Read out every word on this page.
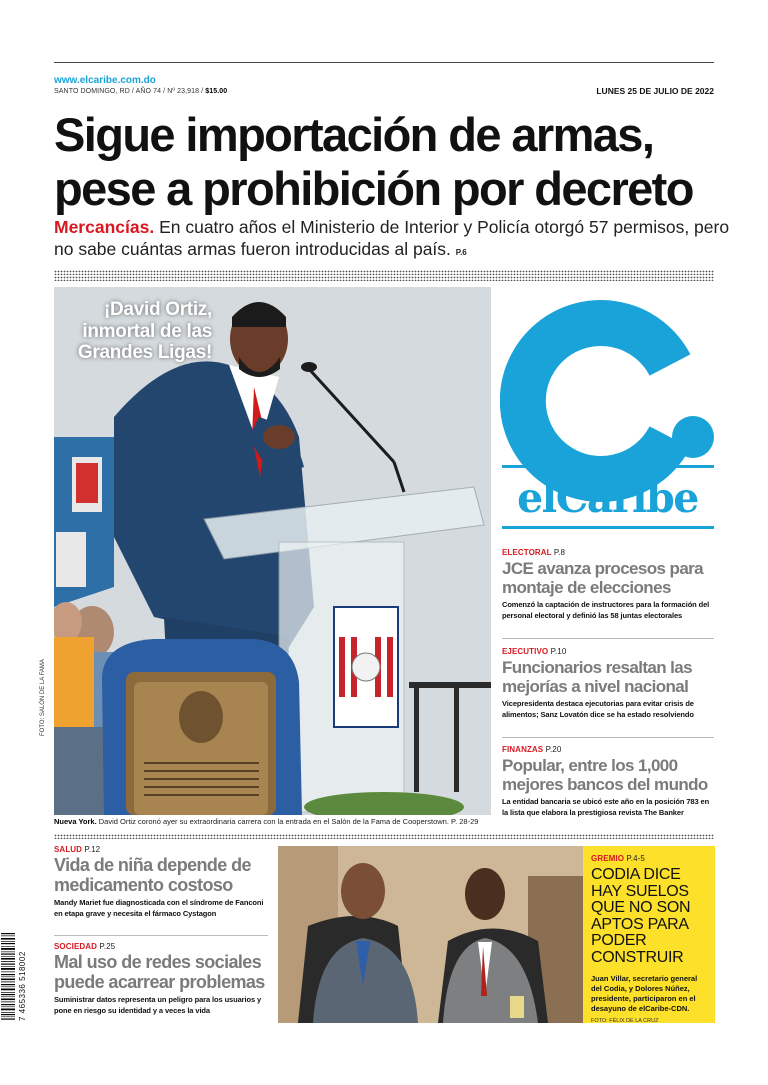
www.elcaribe.com.do
SANTO DOMINGO, RD / AÑO 74 / Nº 23,918 / $15.00	LUNES 25 DE JULIO DE 2022
Sigue importación de armas,
pese a prohibición por decreto
Mercancías. En cuatro años el Ministerio de Interior y Policía otorgó 57 permisos, pero no sabe cuántas armas fueron introducidas al país. P.6
¡David Ortiz, inmortal de las Grandes Ligas!
FOTO: SALÓN DE LA FAMA
Nueva York. David Ortiz coronó ayer su extraordinaria carrera con la entrada en el Salón de la Fama de Cooperstown. P. 28-29
elCaribe
ELECTORAL P.8
JCE avanza procesos para montaje de elecciones
Comenzó la captación de instructores para la formación del personal electoral y definió las 58 juntas electorales
EJECUTIVO P.10
Funcionarios resaltan las mejorías a nivel nacional
Vicepresidenta destaca ejecutorias para evitar crisis de alimentos; Sanz Lovatón dice se ha estado resolviendo
FINANZAS P.20
Popular, entre los 1,000 mejores bancos del mundo
La entidad bancaria se ubicó este año en la posición 783 en la lista que elabora la prestigiosa revista The Banker
SALUD P.12
Vida de niña depende de medicamento costoso
Mandy Mariet fue diagnosticada con el síndrome de Fanconi en etapa grave y necesita el fármaco Cystagon
SOCIEDAD P.25
Mal uso de redes sociales puede acarrear problemas
Suministrar datos representa un peligro para los usuarios y pone en riesgo su identidad y a veces la vida
GREMIO P.4-5
CODIA DICE HAY SUELOS QUE NO SON APTOS PARA PODER CONSTRUIR
Juan Villar, secretario general del Codia, y Dolores Núñez, presidente, participaron en el desayuno de elCaribe-CDN.
FOTO: FÉLIX DE LA CRUZ
7 465336 518002
